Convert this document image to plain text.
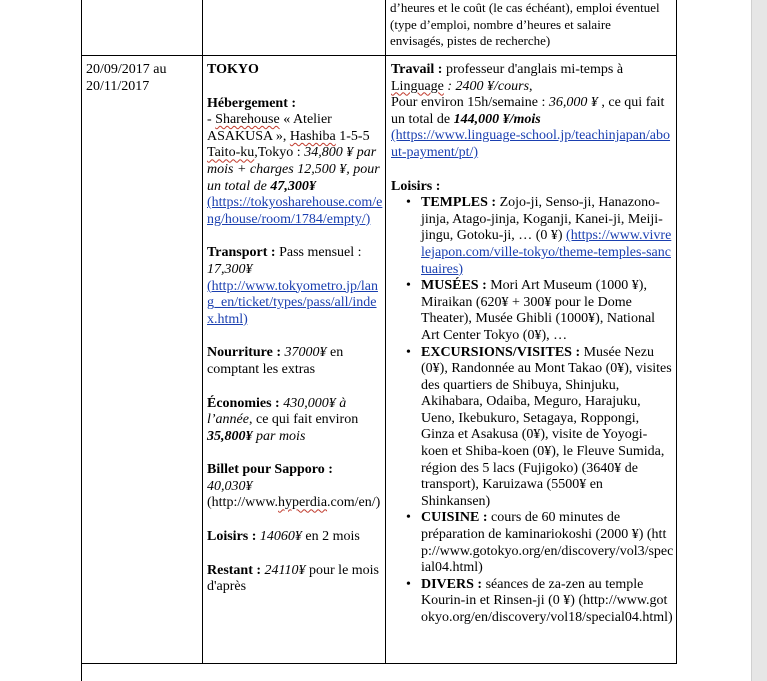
d’heures et le coût (le cas échéant), emploi éventuel

(type d’emploi, nombre d’heures et salaire

envisagés, pistes de recherche)

20/09/2017 au 20/11/2017

TOKYO

Hébergement :

- Sharehouse « Atelier ASAKUSA », Hashiba 1-5-5 Taito-ku,Tokyo : 34,800 ¥ par mois + charges 12,500 ¥, pour un total de 47,300¥

(https://tokyosharehouse.com/eng/house/room/1784/empty/)

Transport : Pass mensuel : 17,300¥

(http://www.tokyometro.jp/lang_en/ticket/types/pass/all/index.html)

Nourriture : 37000¥ en comptant les extras

Économies : 430,000¥ à l’année, ce qui fait environ 35,800¥ par mois

Billet pour Sapporo :

40,030¥

(http://www.hyperdia.com/en/)

Loisirs : 14060¥ en 2 mois

Restant : 24110¥ pour le mois d'après

Travail : professeur d'anglais mi-temps à Linguage : 2400 ¥/cours,

Pour environ 15h/semaine : 36,000 ¥ , ce qui fait un total de 144,000 ¥/mois

(https://www.linguage-school.jp/teachinjapan/about-payment/pt/)

Loisirs :

• TEMPLES : Zojo-ji, Senso-ji, Hanazono-jinja, Atago-jinja, Koganji, Kanei-ji, Meiji-jingu, Gotoku-ji, … (0 ¥) (https://www.vivrelejapon.com/ville-tokyo/theme-temples-sanctuaires)
• MUSÉES : Mori Art Museum (1000 ¥), Miraikan (620¥ + 300¥ pour le Dome Theater), Musée Ghibli (1000¥), National Art Center Tokyo (0¥), …
• EXCURSIONS/VISITES : Musée Nezu (0¥), Randonnée au Mont Takao (0¥), visites des quartiers de Shibuya, Shinjuku, Akihabara, Odaiba, Meguro, Harajuku, Ueno, Ikebukuro, Setagaya, Roppongi, Ginza et Asakusa (0¥), visite de Yoyogi-koen et Shiba-koen (0¥), le Fleuve Sumida, région des 5 lacs (Fujigoko) (3640¥ de transport), Karuizawa (5500¥ en Shinkansen)
• CUISINE : cours de 60 minutes de préparation de kaminariokoshi (2000 ¥) (http://www.gotokyo.org/en/discovery/vol3/special04.html)
• DIVERS : séances de za-zen au temple Kourin-in et Rinsen-ji (0 ¥) (http://www.gotokyo.org/en/discovery/vol18/special04.html)
